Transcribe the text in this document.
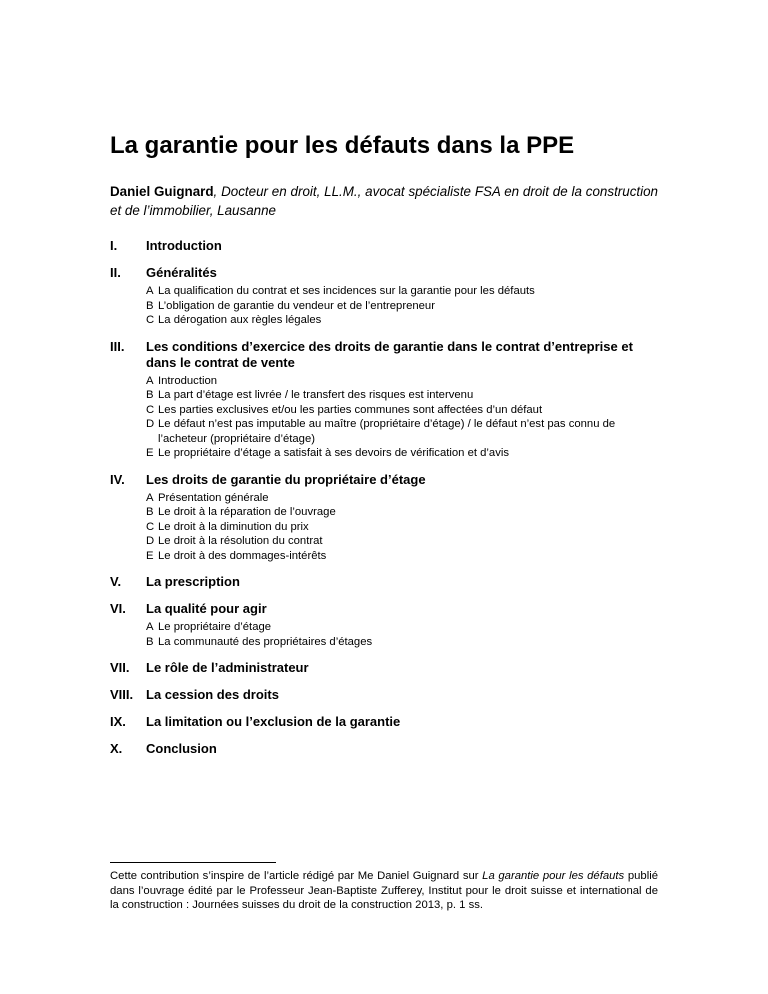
La garantie pour les défauts dans la PPE

Daniel Guignard, Docteur en droit, LL.M., avocat spécialiste FSA en droit de la construction et de l’immobilier, Lausanne

I.	Introduction
II.	Généralités
A La qualification du contrat et ses incidences sur la garantie pour les défauts
B L’obligation de garantie du vendeur et de l’entrepreneur
C La dérogation aux règles légales
III.	Les conditions d’exercice des droits de garantie dans le contrat d’entreprise et dans le contrat de vente
A Introduction
B La part d’étage est livrée / le transfert des risques est intervenu
C Les parties exclusives et/ou les parties communes sont affectées d’un défaut
D Le défaut n’est pas imputable au maître (propriétaire d’étage) / le défaut n’est pas connu de l’acheteur (propriétaire d’étage)
E Le propriétaire d’étage a satisfait à ses devoirs de vérification et d’avis
IV.	Les droits de garantie du propriétaire d’étage
A Présentation générale
B Le droit à la réparation de l’ouvrage
C Le droit à la diminution du prix
D Le droit à la résolution du contrat
E Le droit à des dommages-intérêts
V.	La prescription
VI.	La qualité pour agir
A Le propriétaire d’étage
B La communauté des propriétaires d’étages
VII.	Le rôle de l’administrateur
VIII. La cession des droits
IX.	La limitation ou l’exclusion de la garantie
X.	Conclusion

Cette contribution s’inspire de l’article rédigé par Me Daniel Guignard sur La garantie pour les défauts publié dans l’ouvrage édité par le Professeur Jean-Baptiste Zufferey, Institut pour le droit suisse et international de la construction : Journées suisses du droit de la construction 2013, p. 1 ss.
